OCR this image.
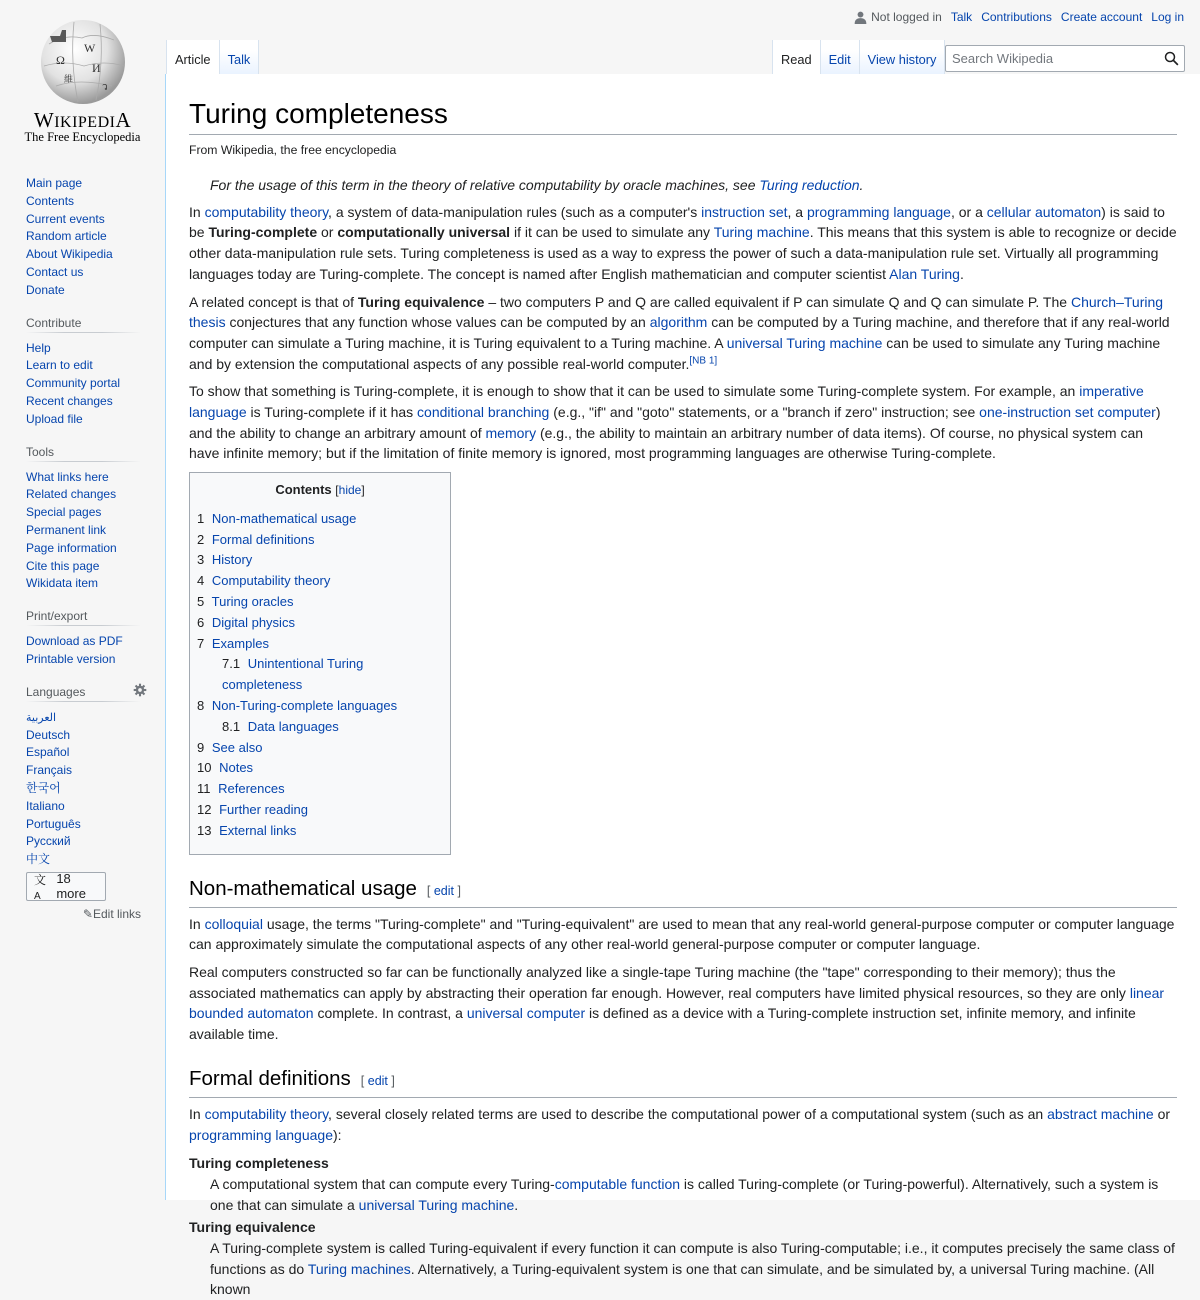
Ω
W
И
維
ว
WIKIPEDIA
The Free Encyclopedia
Not logged in Talk Contributions Create account Log in
Article	Talk	Read	Edit	View history
Search Wikipedia
Main page
Contents
Current events
Random article
About Wikipedia
Contact us
Donate
Contribute
Help
Learn to edit
Community portal
Recent changes
Upload file
Tools
What links here
Related changes
Special pages
Permanent link
Page information
Cite this page
Wikidata item
Print/export
Download as PDF
Printable version
Languages
العربية
Deutsch
Español
Français
한국어
Italiano
Português
Русский
中文
文A
18 more
✎Edit links
Turing completeness
From Wikipedia, the free encyclopedia
For the usage of this term in the theory of relative computability by oracle machines, see Turing reduction.

In computability theory, a system of data-manipulation rules (such as a computer's instruction set, a programming language, or a cellular automaton) is said to be Turing-complete or computationally universal if it can be used to simulate any Turing machine. This means that this system is able to recognize or decide other data-manipulation rule sets. Turing completeness is used as a way to express the power of such a data-manipulation rule set. Virtually all programming languages today are Turing-complete. The concept is named after English mathematician and computer scientist Alan Turing.

A related concept is that of Turing equivalence – two computers P and Q are called equivalent if P can simulate Q and Q can simulate P. The Church–Turing thesis conjectures that any function whose values can be computed by an algorithm can be computed by a Turing machine, and therefore that if any real-world computer can simulate a Turing machine, it is Turing equivalent to a Turing machine. A universal Turing machine can be used to simulate any Turing machine and by extension the computational aspects of any possible real-world computer.[NB 1]

To show that something is Turing-complete, it is enough to show that it can be used to simulate some Turing-complete system. For example, an imperative language is Turing-complete if it has conditional branching (e.g., "if" and "goto" statements, or a "branch if zero" instruction; see one-instruction set computer) and the ability to change an arbitrary amount of memory (e.g., the ability to maintain an arbitrary number of data items). Of course, no physical system can have infinite memory; but if the limitation of finite memory is ignored, most programming languages are otherwise Turing-complete.

Contents [hide]
1 Non-mathematical usage
2 Formal definitions
3 History
4 Computability theory
5 Turing oracles
6 Digital physics
7 Examples
7.1 Unintentional Turing completeness
8 Non-Turing-complete languages
8.1 Data languages
9 See also
10 Notes
11 References
12 Further reading
13 External links
Non-mathematical usage [ edit ]

In colloquial usage, the terms "Turing-complete" and "Turing-equivalent" are used to mean that any real-world general-purpose computer or computer language can approximately simulate the computational aspects of any other real-world general-purpose computer or computer language.

Real computers constructed so far can be functionally analyzed like a single-tape Turing machine (the "tape" corresponding to their memory); thus the associated mathematics can apply by abstracting their operation far enough. However, real computers have limited physical resources, so they are only linear bounded automaton complete. In contrast, a universal computer is defined as a device with a Turing-complete instruction set, infinite memory, and infinite available time.

Formal definitions [ edit ]

In computability theory, several closely related terms are used to describe the computational power of a computational system (such as an abstract machine or programming language):

Turing completeness
A computational system that can compute every Turing-computable function is called Turing-complete (or Turing-powerful). Alternatively, such a system is one that can simulate a universal Turing machine.
Turing equivalence
A Turing-complete system is called Turing-equivalent if every function it can compute is also Turing-computable; i.e., it computes precisely the same class of functions as do Turing machines. Alternatively, a Turing-equivalent system is one that can simulate, and be simulated by, a universal Turing machine. (All known
